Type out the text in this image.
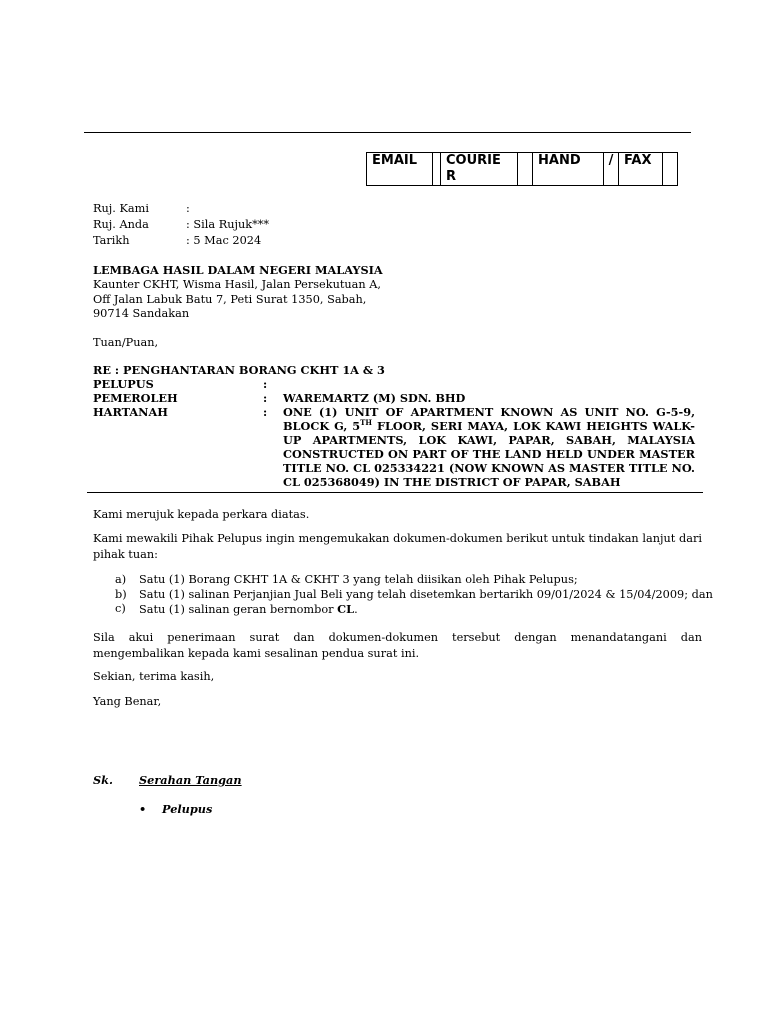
EMAIL		COURIE
R		HAND	/	FAX	
Ruj. Kami	:
Ruj. Anda	: Sila Rujuk***
Tarikh	: 5 Mac 2024
LEMBAGA HASIL DALAM NEGERI MALAYSIA
Kaunter CKHT, Wisma Hasil, Jalan Persekutuan A,
Off Jalan Labuk Batu 7, Peti Surat 1350, Sabah,
90714 Sandakan
Tuan/Puan,
RE : PENGHANTARAN BORANG CKHT 1A & 3
PELUPUS	:
PEMEROLEH	:	WAREMARTZ (M) SDN. BHD
HARTANAH	:	ONE (1) UNIT OF APARTMENT KNOWN AS UNIT NO. G-5-9, BLOCK G, 5TH FLOOR, SERI MAYA, LOK KAWI HEIGHTS WALK-UP APARTMENTS, LOK KAWI, PAPAR, SABAH, MALAYSIA CONSTRUCTED ON PART OF THE LAND HELD UNDER MASTER TITLE NO. CL 025334221 (NOW KNOWN AS MASTER TITLE NO. CL 025368049) IN THE DISTRICT OF PAPAR, SABAH
Kami merujuk kepada perkara diatas.
Kami mewakili Pihak Pelupus ingin mengemukakan dokumen-dokumen berikut untuk tindakan lanjut dari pihak tuan:
a)	Satu (1) Borang CKHT 1A & CKHT 3 yang telah diisikan oleh Pihak Pelupus;
b)	Satu (1) salinan Perjanjian Jual Beli yang telah disetemkan bertarikh 09/01/2024 & 15/04/2009; dan
c)	Satu (1) salinan geran bernombor CL.
Sila akui penerimaan surat dan dokumen-dokumen tersebut dengan menandatangani dan mengembalikan kepada kami sesalinan pendua surat ini.
Sekian, terima kasih,
Yang Benar,
Sk. Serahan Tangan
•	Pelupus
